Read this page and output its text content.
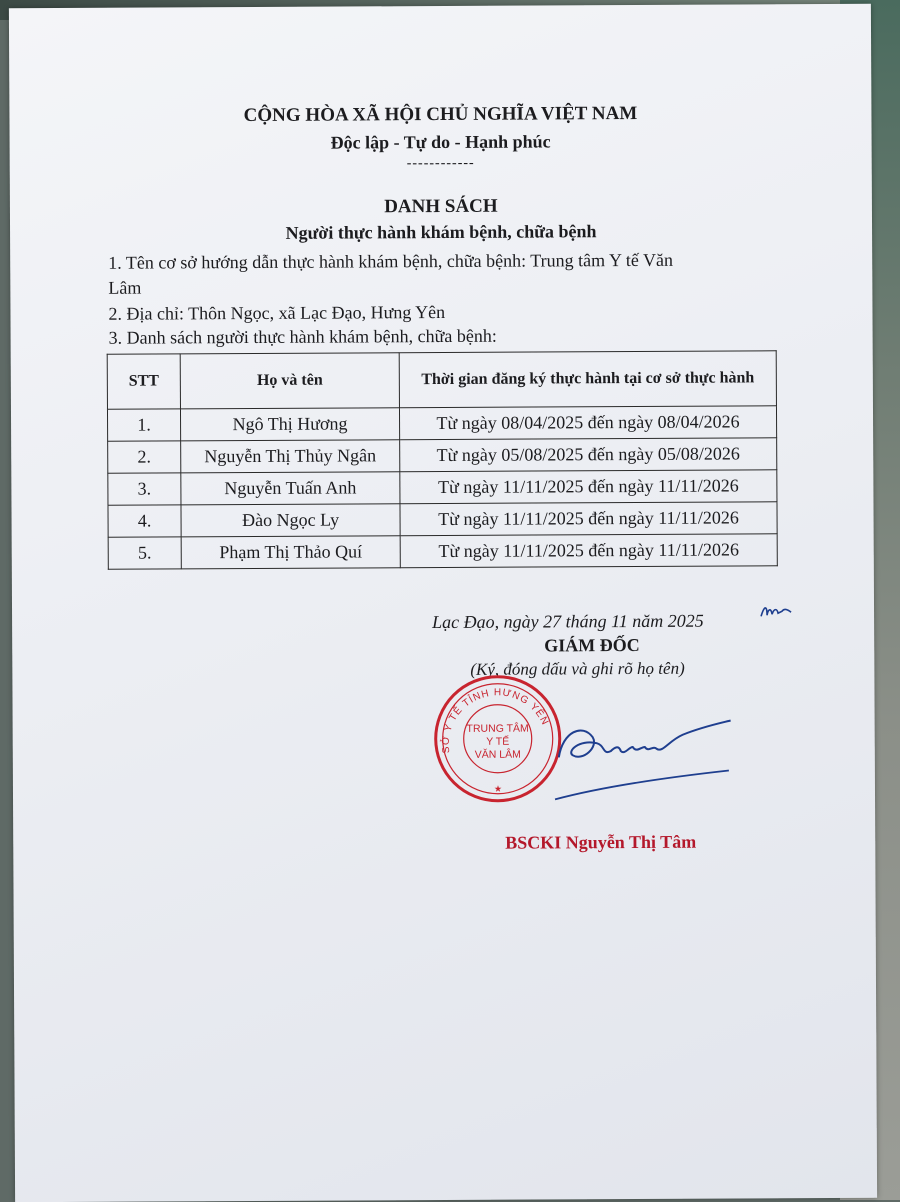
CỘNG HÒA XÃ HỘI CHỦ NGHĨA VIỆT NAM
Độc lập - Tự do - Hạnh phúc
------------
DANH SÁCH
Người thực hành khám bệnh, chữa bệnh
1. Tên cơ sở hướng dẫn thực hành khám bệnh, chữa bệnh: Trung tâm Y tế Văn
Lâm
2. Địa chỉ: Thôn Ngọc, xã Lạc Đạo, Hưng Yên
3. Danh sách người thực hành khám bệnh, chữa bệnh:
STT	Họ và tên	Thời gian đăng ký thực hành tại cơ sở thực hành
1.	Ngô Thị Hương	Từ ngày 08/04/2025 đến ngày 08/04/2026
2.	Nguyễn Thị Thủy Ngân	Từ ngày 05/08/2025 đến ngày 05/08/2026
3.	Nguyễn Tuấn Anh	Từ ngày 11/11/2025 đến ngày 11/11/2026
4.	Đào Ngọc Ly	Từ ngày 11/11/2025 đến ngày 11/11/2026
5.	Phạm Thị Thảo Quí	Từ ngày 11/11/2025 đến ngày 11/11/2026
Lạc Đạo, ngày 27 tháng 11 năm 2025
GIÁM ĐỐC
(Ký, đóng dấu và ghi rõ họ tên)
SỞ Y TẾ TỈNH HƯNG YÊN
TRUNG TÂM
Y TẾ
VĂN LÂM
★
BSCKI Nguyễn Thị Tâm
